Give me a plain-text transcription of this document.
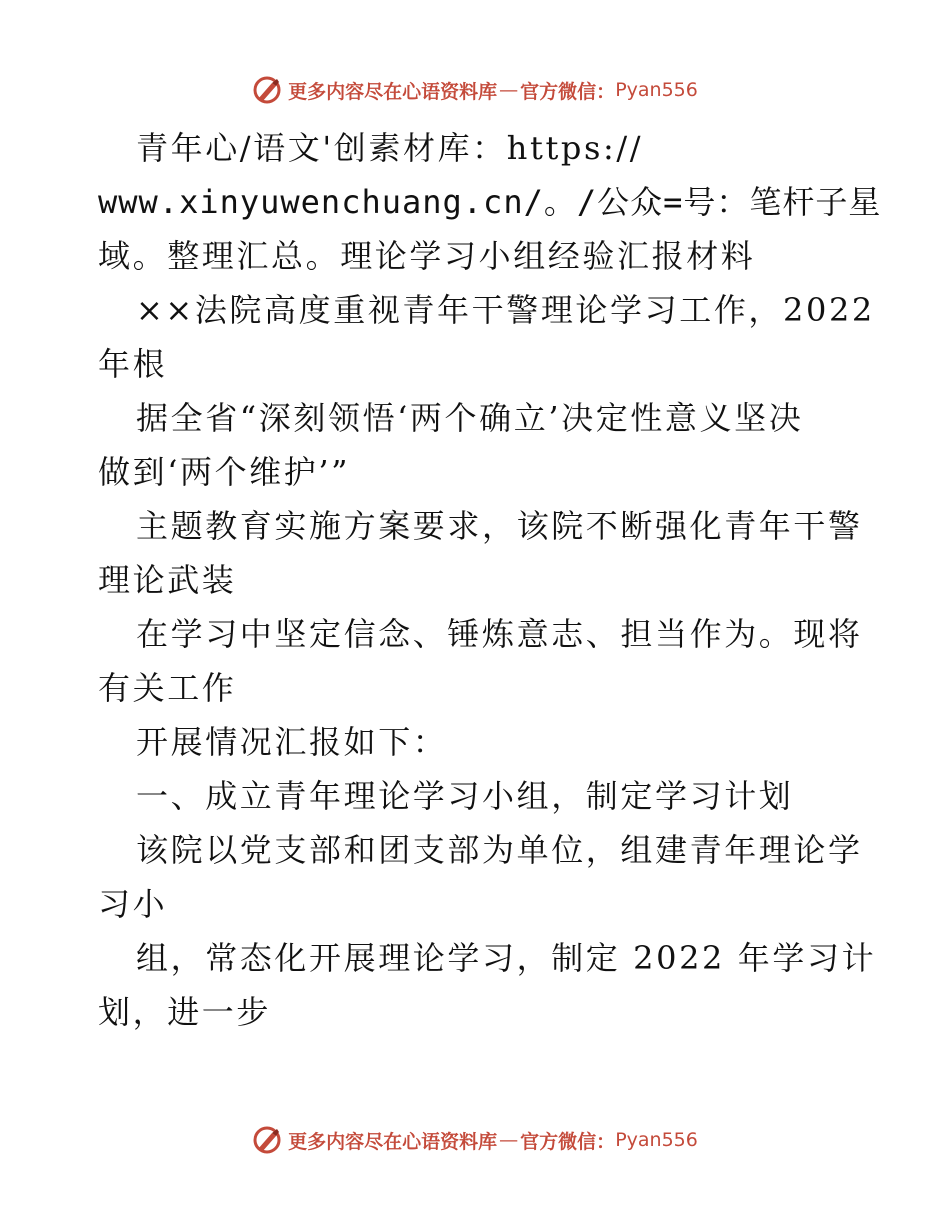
更多内容尽在心语资料库 — 官方微信： Pyan556
青年心/语文'创素材库：https://
www.xinyuwenchuang.cn/。/公众=号：笔杆子星
域。整理汇总。理论学习小组经验汇报材料
××法院高度重视青年干警理论学习工作，2022
年根
据全省“深刻领悟‘两个确立’决定性意义坚决
做到‘两个维护’”
主题教育实施方案要求，该院不断强化青年干警
理论武装
在学习中坚定信念、锤炼意志、担当作为。现将
有关工作
开展情况汇报如下：
一、成立青年理论学习小组，制定学习计划
该院以党支部和团支部为单位，组建青年理论学
习小
组，常态化开展理论学习，制定 2022 年学习计
划，进一步
更多内容尽在心语资料库 — 官方微信： Pyan556
